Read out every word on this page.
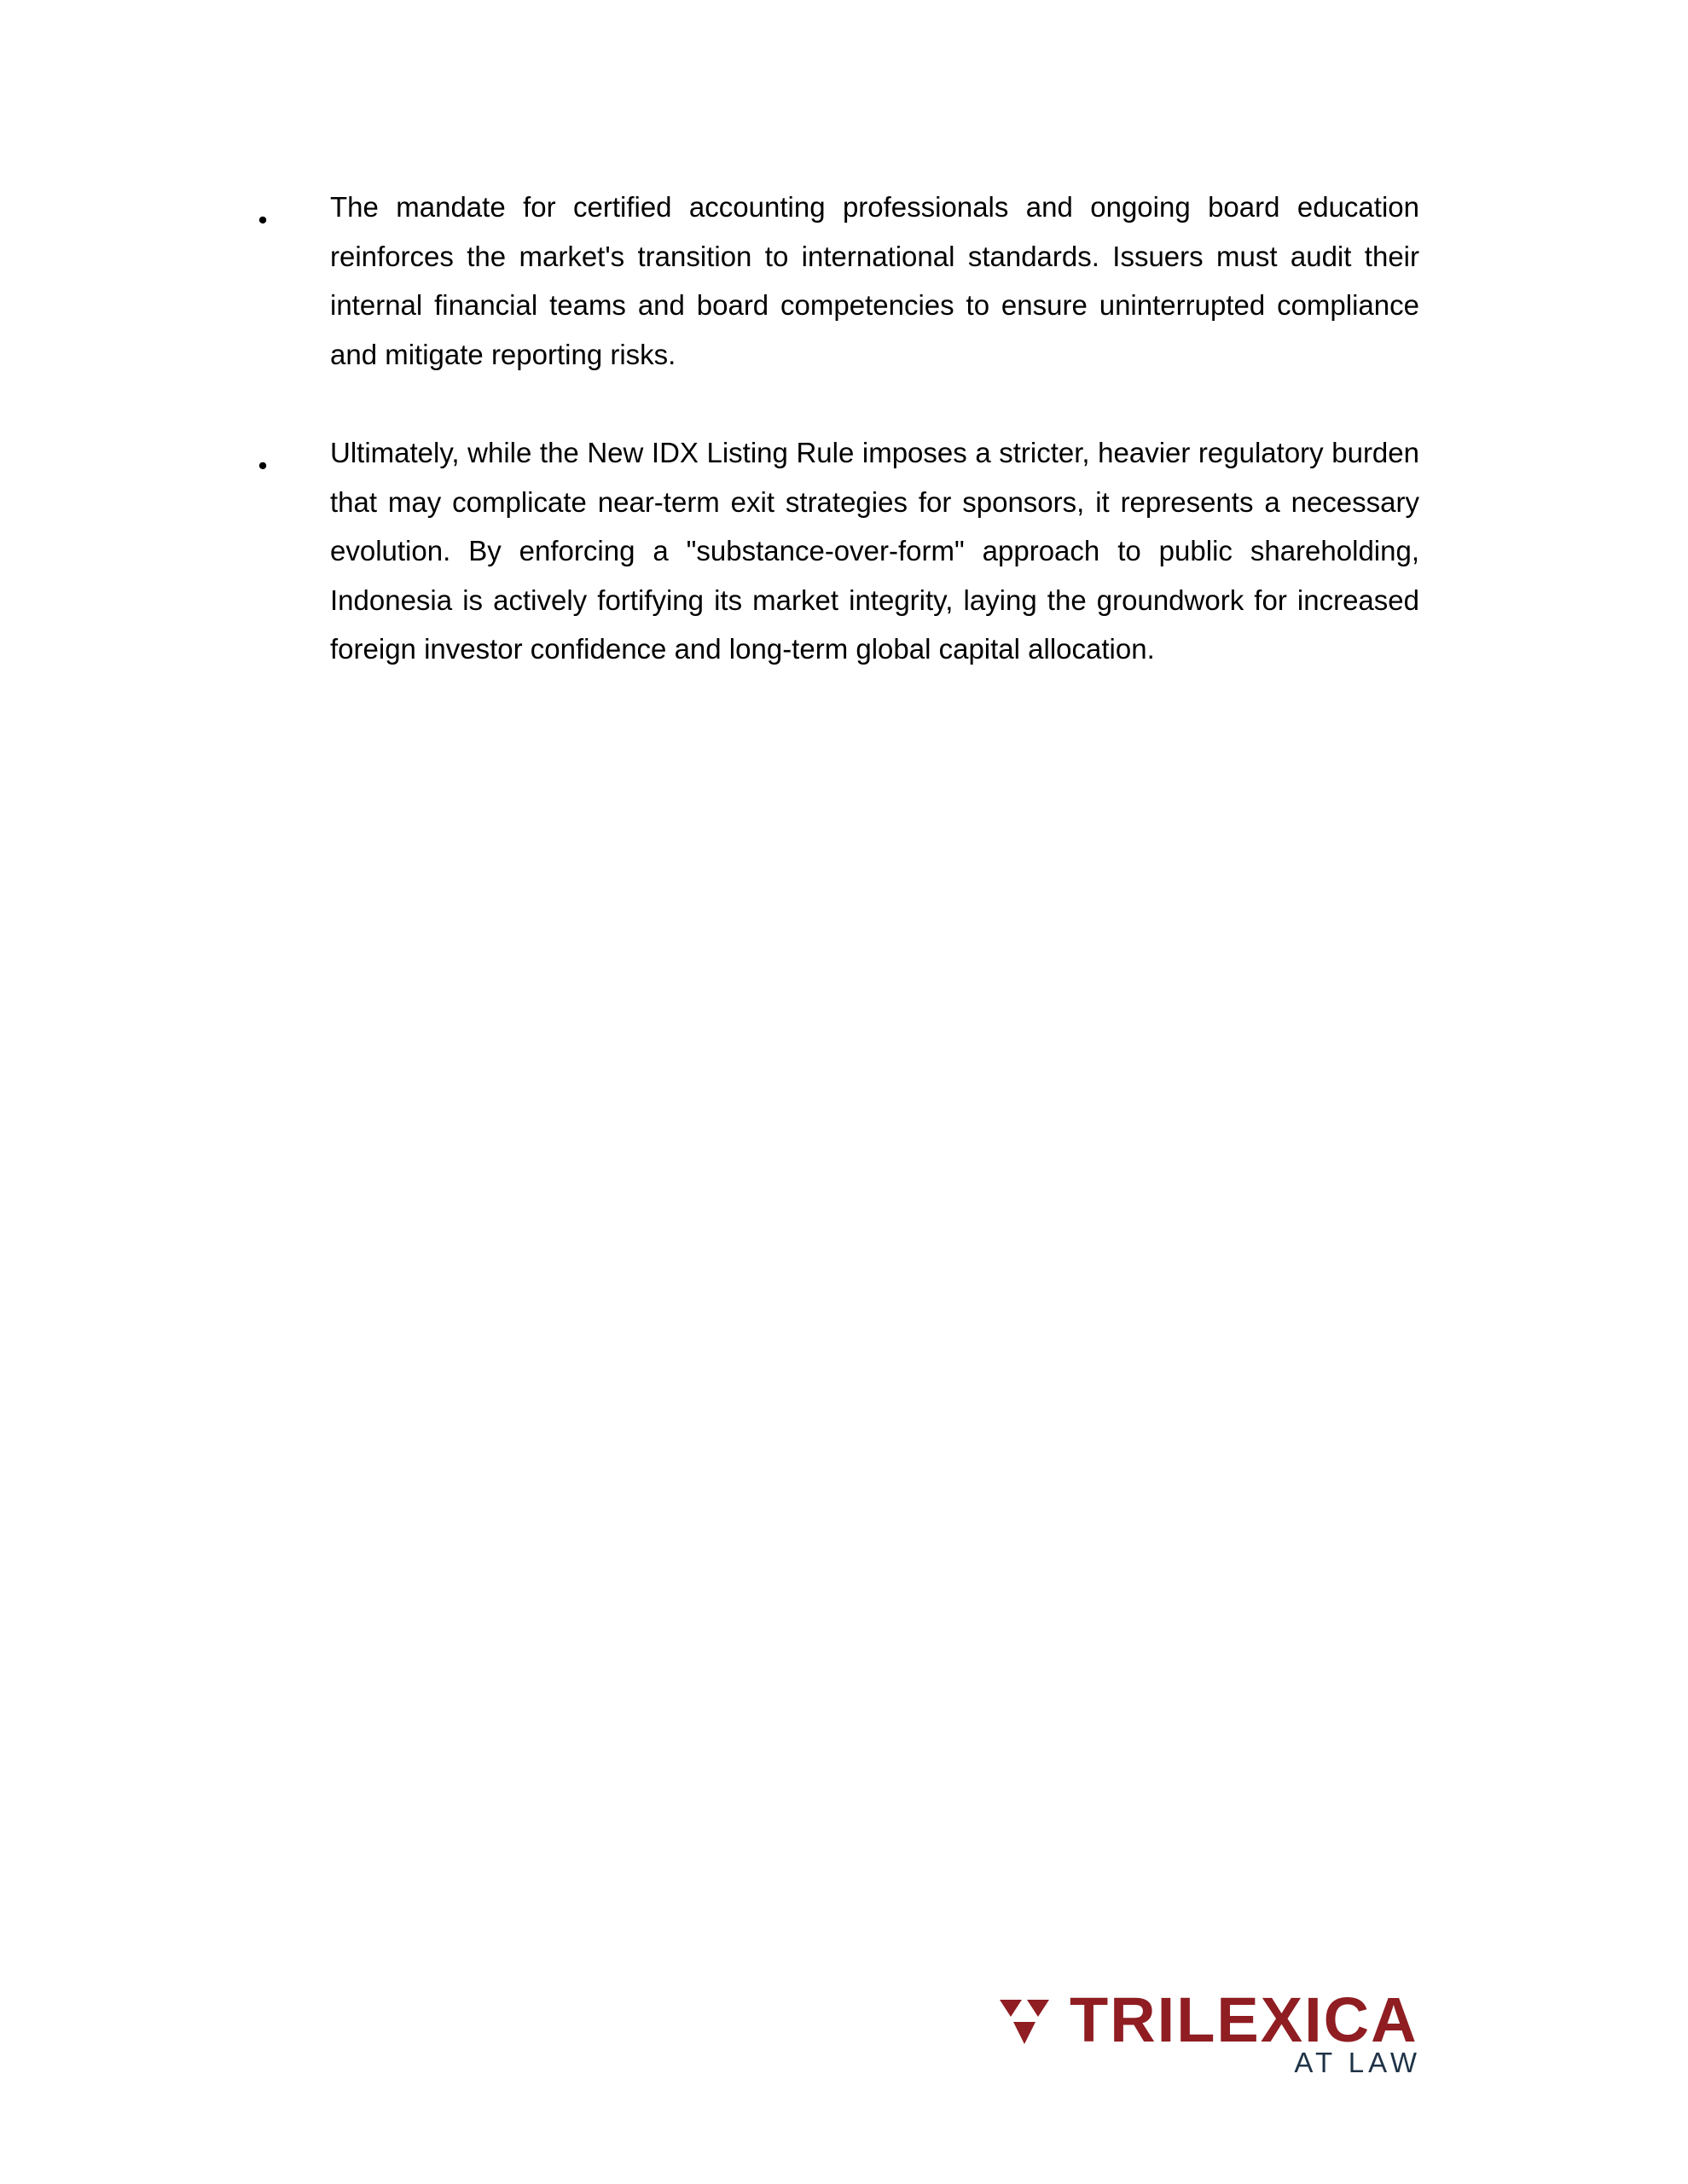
• The mandate for certified accounting professionals and ongoing board education reinforces the market's transition to international standards. Issuers must audit their internal financial teams and board competencies to ensure uninterrupted compliance and mitigate reporting risks.
• Ultimately, while the New IDX Listing Rule imposes a stricter, heavier regulatory burden that may complicate near-term exit strategies for sponsors, it represents a necessary evolution. By enforcing a "substance-over-form" approach to public shareholding, Indonesia is actively fortifying its market integrity, laying the groundwork for increased foreign investor confidence and long-term global capital allocation.
TRILEXICA
AT LAW
